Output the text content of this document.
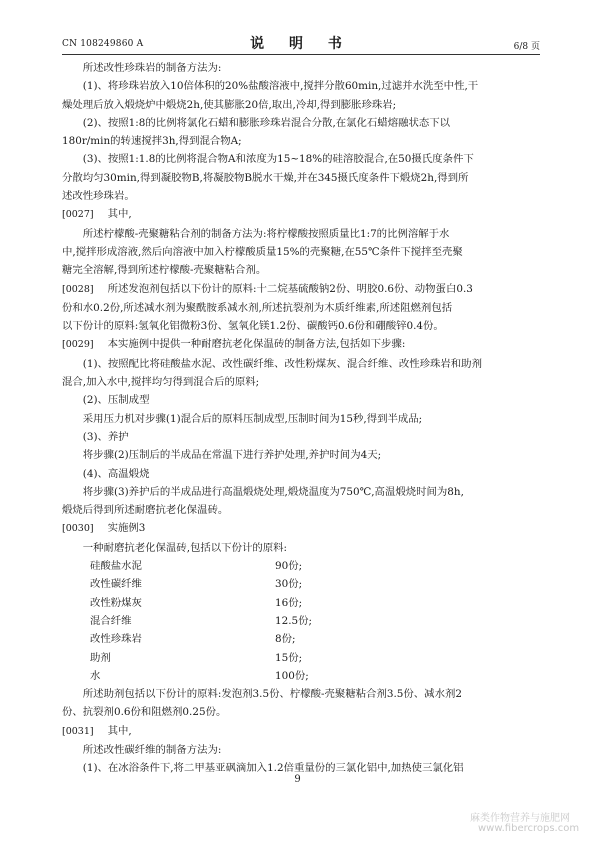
CN 108249860 A	说 明 书	6/8 页

所述改性珍珠岩的制备方法为:

(1)、将珍珠岩放入10倍体积的20%盐酸溶液中,搅拌分散60min,过滤并水洗至中性,干

燥处理后放入煅烧炉中煅烧2h,使其膨胀20倍,取出,冷却,得到膨胀珍珠岩;

(2)、按照1:8的比例将氯化石蜡和膨胀珍珠岩混合分散,在氯化石蜡熔融状态下以

180r/min的转速搅拌3h,得到混合物A;

(3)、按照1:1.8的比例将混合物A和浓度为15~18%的硅溶胶混合,在50摄氏度条件下

分散均匀30min,得到凝胶物B,将凝胶物B脱水干燥,并在345摄氏度条件下煅烧2h,得到所

述改性珍珠岩。

[0027] 其中,

所述柠檬酸-壳聚糖粘合剂的制备方法为:将柠檬酸按照质量比1:7的比例溶解于水

中,搅拌形成溶液,然后向溶液中加入柠檬酸质量15%的壳聚糖,在55℃条件下搅拌至壳聚

糖完全溶解,得到所述柠檬酸-壳聚糖粘合剂。

[0028] 所述发泡剂包括以下份计的原料:十二烷基硫酸钠2份、明胶0.6份、动物蛋白0.3

份和水0.2份,所述减水剂为聚酰胺系减水剂,所述抗裂剂为木质纤维素,所述阻燃剂包括

以下份计的原料:氢氧化铝微粉3份、氢氧化镁1.2份、碳酸钙0.6份和硼酸锌0.4份。

[0029] 本实施例中提供一种耐磨抗老化保温砖的制备方法,包括如下步骤:

(1)、按照配比将硅酸盐水泥、改性碳纤维、改性粉煤灰、混合纤维、改性珍珠岩和助剂

混合,加入水中,搅拌均匀得到混合后的原料;

(2)、压制成型

采用压力机对步骤(1)混合后的原料压制成型,压制时间为15秒,得到半成品;

(3)、养护

将步骤(2)压制后的半成品在常温下进行养护处理,养护时间为4天;

(4)、高温煅烧

将步骤(3)养护后的半成品进行高温煅烧处理,煅烧温度为750℃,高温煅烧时间为8h,

煅烧后得到所述耐磨抗老化保温砖。

[0030] 实施例3

一种耐磨抗老化保温砖,包括以下份计的原料:

硅酸盐水泥	90份;
改性碳纤维	30份;
改性粉煤灰	16份;
混合纤维	12.5份;
改性珍珠岩	8份;
助剂	15份;
水	100份;

所述助剂包括以下份计的原料:发泡剂3.5份、柠檬酸-壳聚糖粘合剂3.5份、减水剂2

份、抗裂剂0.6份和阻燃剂0.25份。

[0031] 其中,

所述改性碳纤维的制备方法为:

(1)、在冰浴条件下,将二甲基亚砜滴加入1.2倍重量份的三氯化铝中,加热使三氯化铝

9
麻类作物营养与施肥网
www.fibercrops.com
